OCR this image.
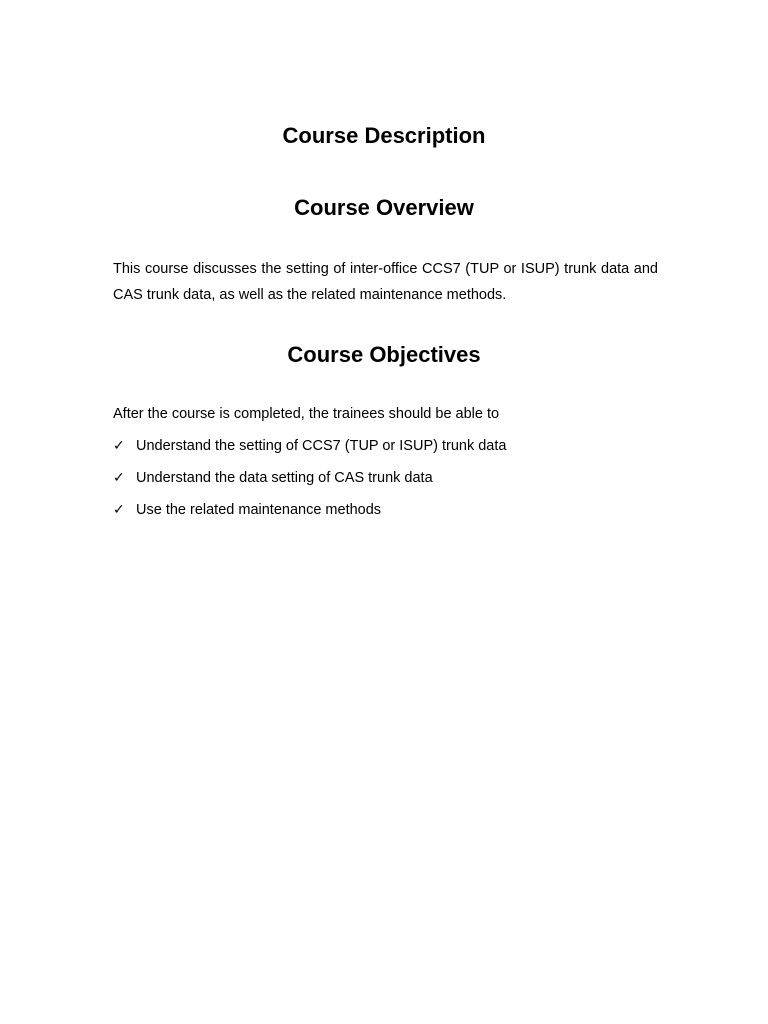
Course Description
Course Overview

This course discusses the setting of inter-office CCS7 (TUP or ISUP) trunk data and CAS trunk data, as well as the related maintenance methods.

Course Objectives

After the course is completed, the trainees should be able to

✓ Understand the setting of CCS7 (TUP or ISUP) trunk data
✓ Understand the data setting of CAS trunk data
✓ Use the related maintenance methods
